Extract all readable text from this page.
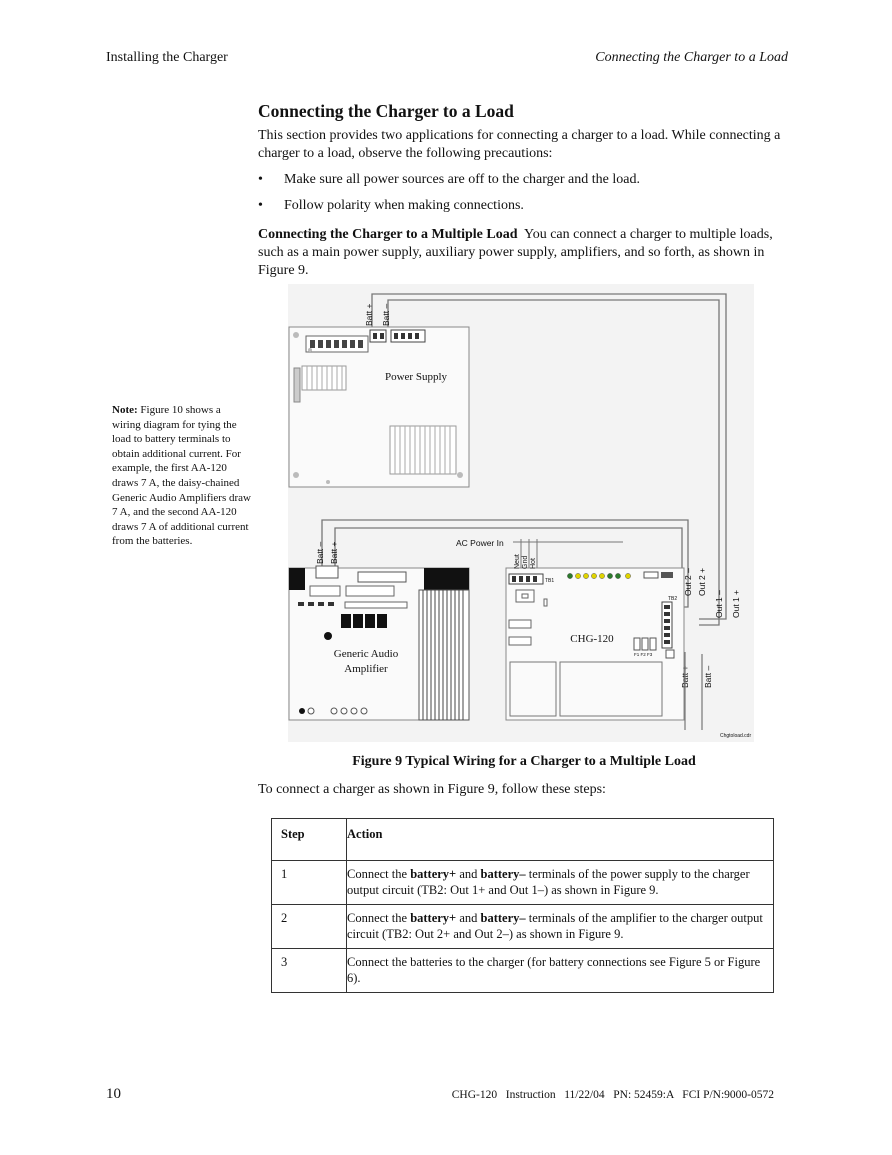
Installing the Charger	Connecting the Charger to a Load
Connecting the Charger to a Load

This section provides two applications for connecting a charger to a load. While connecting a charger to a load, observe the following precautions:

• Make sure all power sources are off to the charger and the load.
• Follow polarity when making connections.

Connecting the Charger to a Multiple Load You can connect a charger to multiple loads, such as a main power supply, auxiliary power supply, amplifiers, and so forth, as shown in Figure 9.

Note: Figure 10 shows a wiring diagram for tying the load to battery terminals to obtain additional current. For example, the first AA-120 draws 7 A, the daisy-chained Generic Audio Amplifiers draw 7 A, and the second AA-120 draws 7 A of additional current from the batteries.

Power Supply
Batt + Batt –
Generic Audio
Amplifier
Batt – Batt +
TB1
TB2
F1 F2 F3
CHG-120
AC Power In
Neut Gnd Hot
Out 2 – Out 2 +
Out 1 – Out 1 +
Batt + Batt –
Chgtoload.cdr
Figure 9 Typical Wiring for a Charger to a Multiple Load
To connect a charger as shown in Figure 9, follow these steps:
Step	Action
1	Connect the battery+ and battery– terminals of the power supply to the charger output circuit (TB2: Out 1+ and Out 1–) as shown in Figure 9.
2	Connect the battery+ and battery– terminals of the amplifier to the charger output circuit (TB2: Out 2+ and Out 2–) as shown in Figure 9.
3	Connect the batteries to the charger (for battery connections see Figure 5 or Figure 6).
10	CHG-120   Instruction   11/22/04   PN: 52459:A   FCI P/N:9000-0572
